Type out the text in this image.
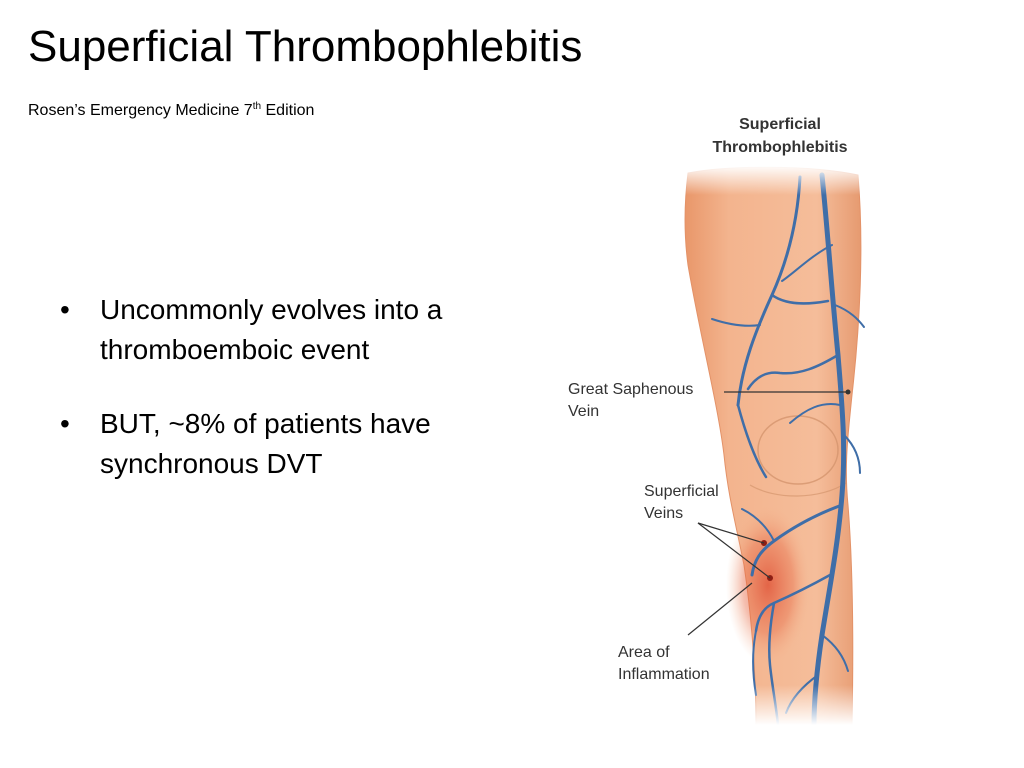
Superficial Thrombophlebitis
Rosen’s Emergency Medicine 7th Edition
• Uncommonly evolves into a thromboemboic event
• BUT, ~8% of patients have synchronous DVT
Superficial
Thrombophlebitis
Great Saphenous
Vein
Superficial
Veins
Area of
Inflammation
